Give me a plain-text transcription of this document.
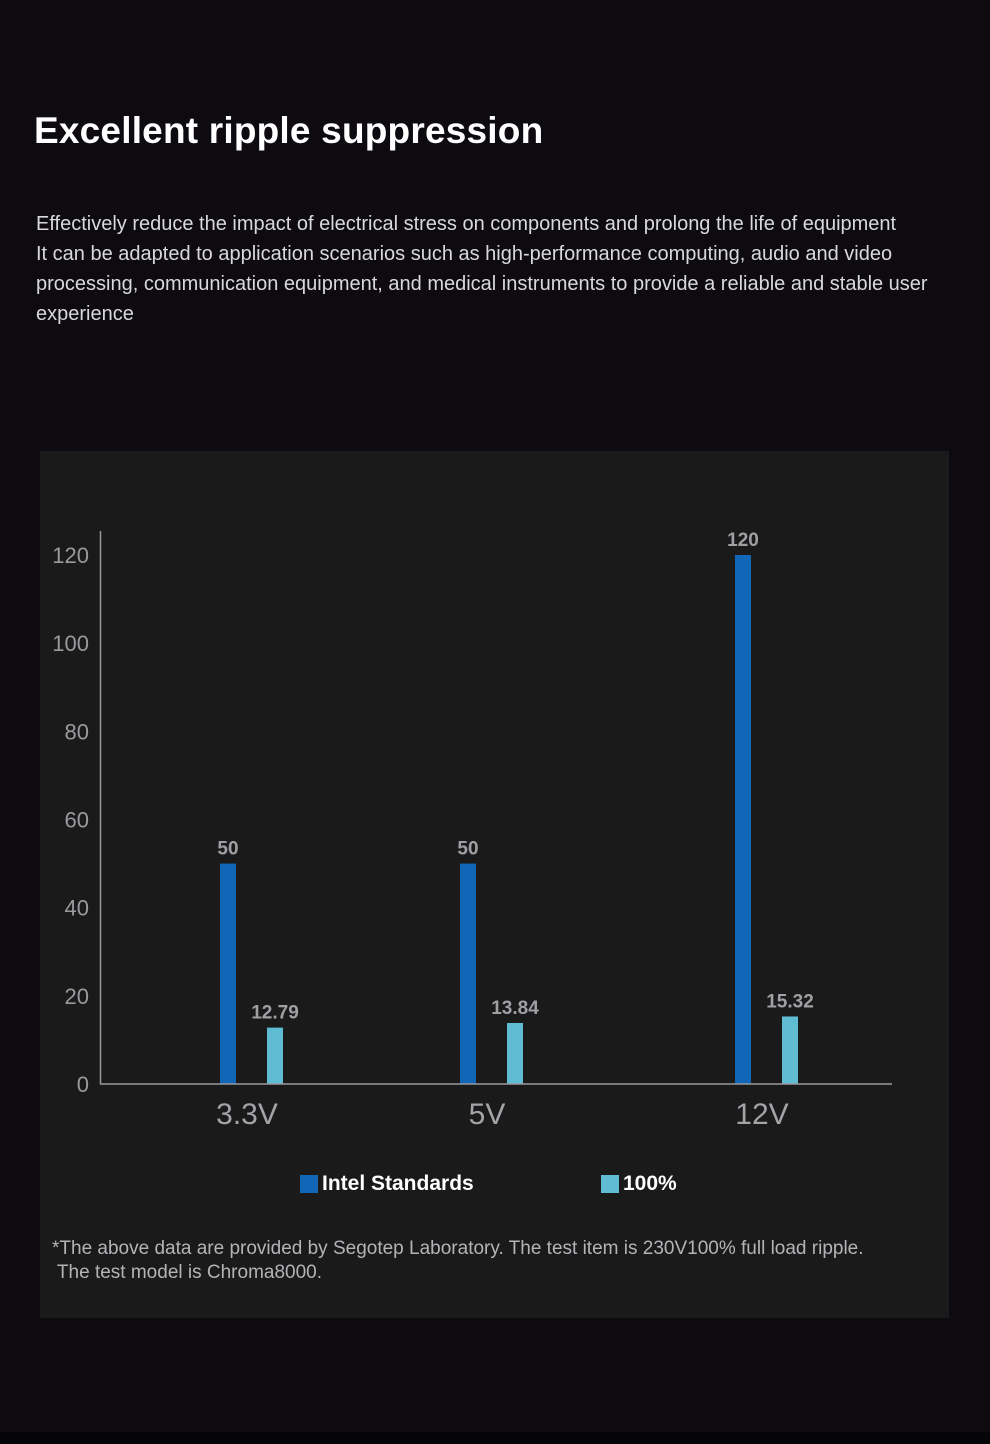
Excellent ripple suppression

Effectively reduce the impact of electrical stress on components and prolong the life of equipment

It can be adapted to application scenarios such as high-performance computing, audio and video processing, communication equipment, and medical instruments to provide a reliable and stable user experience

0
20
40
60
80
100
120
50	50
120
12.79	13.84	15.32
3.3V	5V	12V
Intel Standards	100%

*The above data are provided by Segotep Laboratory. The test item is 230V100% full load ripple.
The test model is Chroma8000.
